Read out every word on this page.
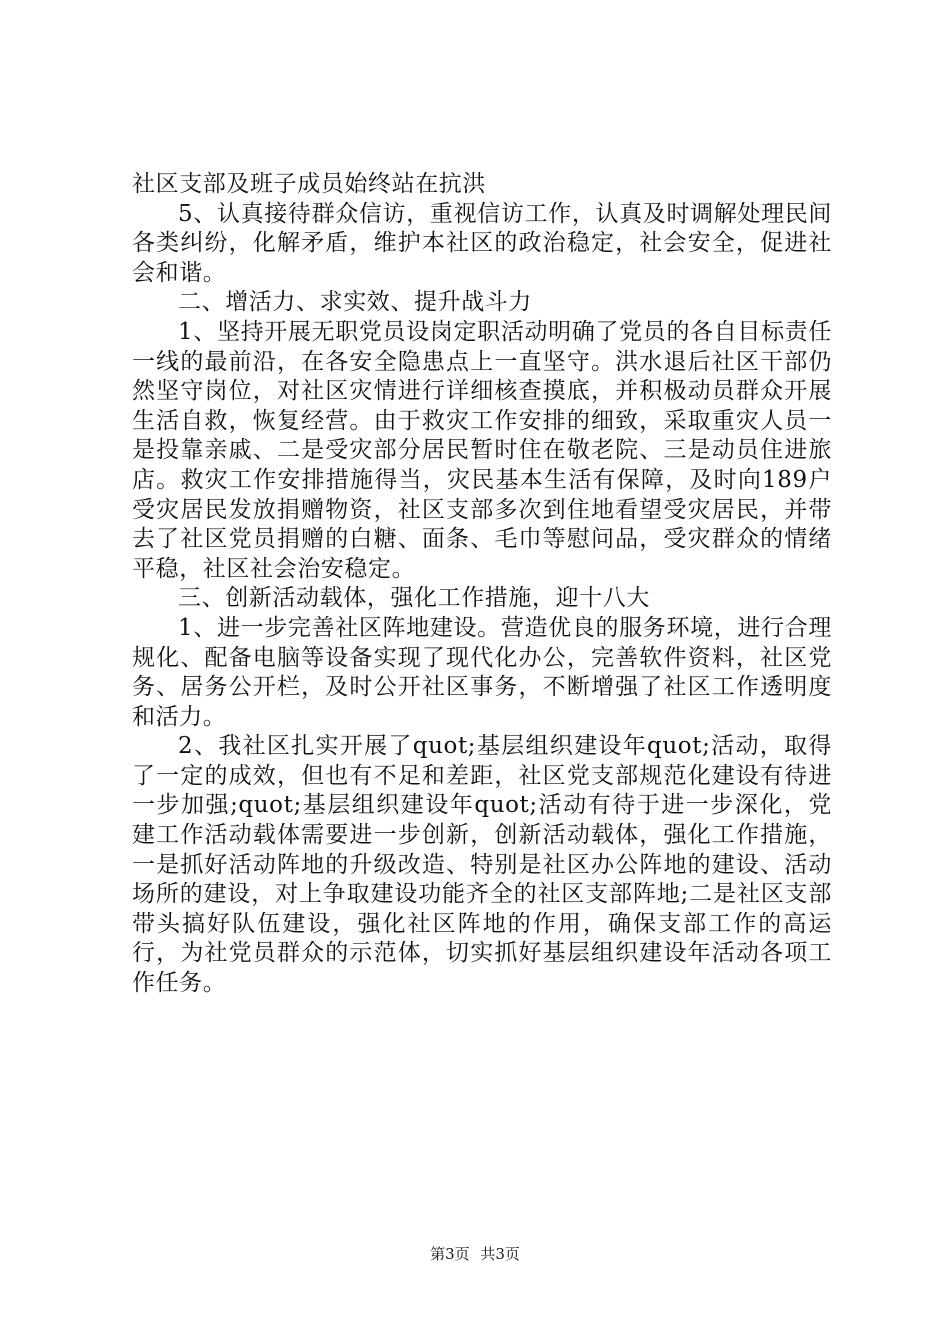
社区支部及班子成员始终站在抗洪

5、认真接待群众信访，重视信访工作，认真及时调解处理民间各类纠纷，化解矛盾，维护本社区的政治稳定，社会安全，促进社会和谐。

二、增活力、求实效、提升战斗力

1、坚持开展无职党员设岗定职活动明确了党员的各自目标责任一线的最前沿，在各安全隐患点上一直坚守。洪水退后社区干部仍然坚守岗位，对社区灾情进行详细核查摸底，并积极动员群众开展生活自救，恢复经营。由于救灾工作安排的细致，采取重灾人员一是投靠亲戚、二是受灾部分居民暂时住在敬老院、三是动员住进旅店。救灾工作安排措施得当，灾民基本生活有保障，及时向189户受灾居民发放捐赠物资，社区支部多次到住地看望受灾居民，并带去了社区党员捐赠的白糖、面条、毛巾等慰问品，受灾群众的情绪平稳，社区社会治安稳定。

三、创新活动载体，强化工作措施，迎十八大

1、进一步完善社区阵地建设。营造优良的服务环境，进行合理规化、配备电脑等设备实现了现代化办公，完善软件资料，社区党务、居务公开栏，及时公开社区事务，不断增强了社区工作透明度和活力。

2、我社区扎实开展了quot;基层组织建设年quot;活动，取得了一定的成效，但也有不足和差距，社区党支部规范化建设有待进一步加强;quot;基层组织建设年quot;活动有待于进一步深化，党建工作活动载体需要进一步创新，创新活动载体，强化工作措施，一是抓好活动阵地的升级改造、特别是社区办公阵地的建设、活动场所的建设，对上争取建设功能齐全的社区支部阵地;二是社区支部带头搞好队伍建设，强化社区阵地的作用，确保支部工作的高运行，为社党员群众的示范体，切实抓好基层组织建设年活动各项工作任务。

第3页 共3页
